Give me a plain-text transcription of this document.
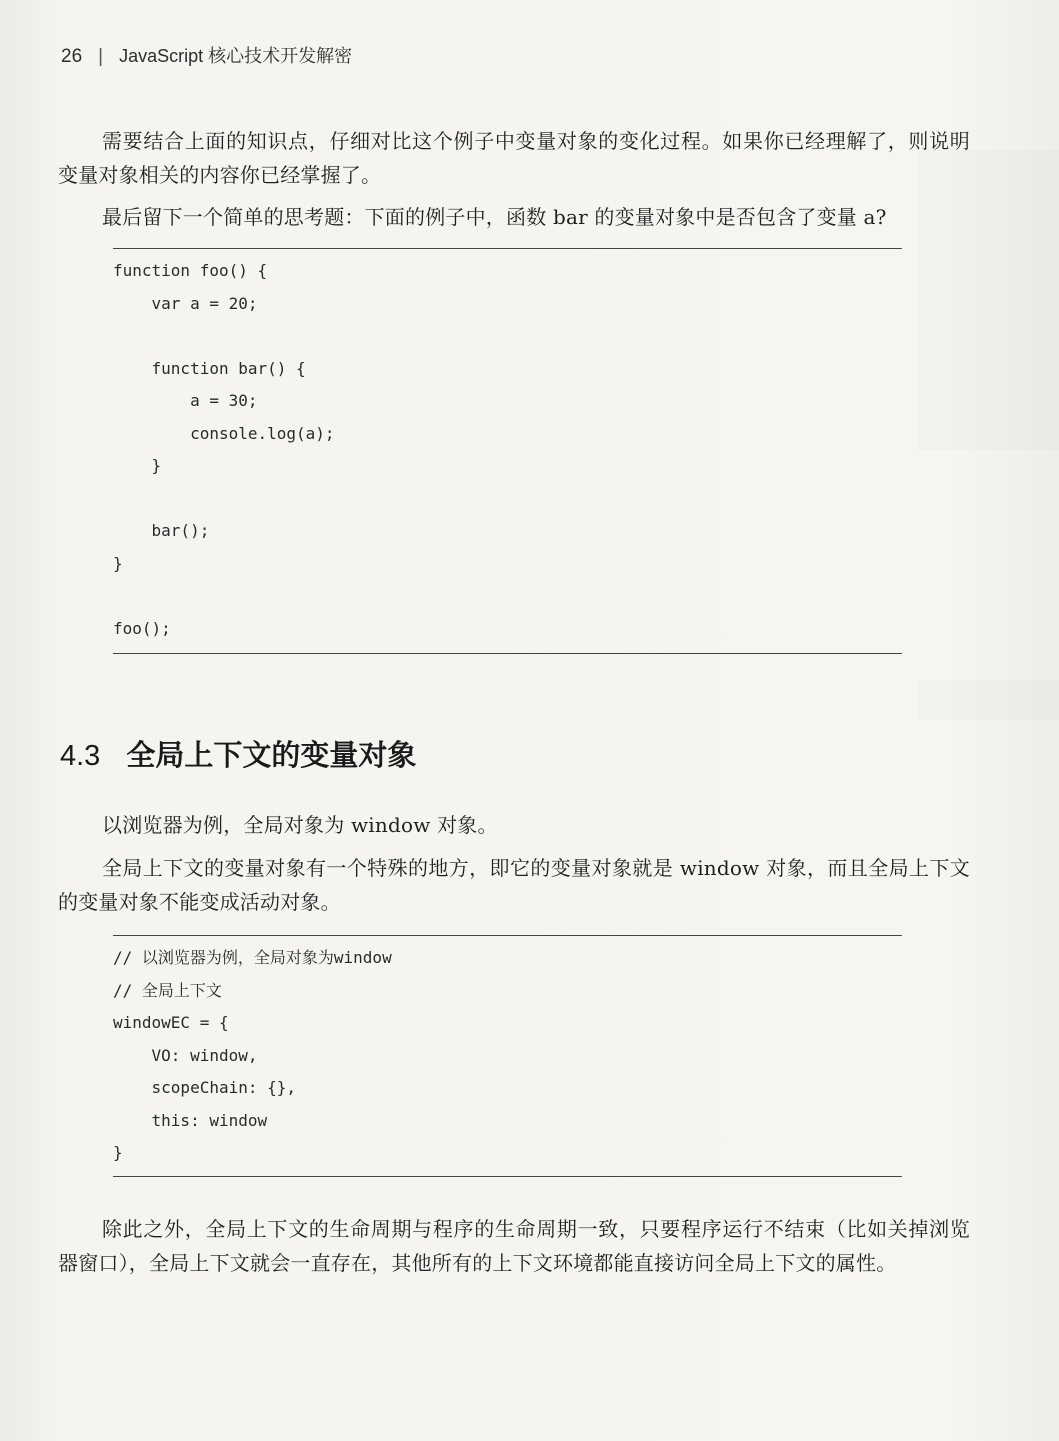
26 | JavaScript 核心技术开发解密

需要结合上面的知识点，仔细对比这个例子中变量对象的变化过程。如果你已经理解了，则说明变量对象相关的内容你已经掌握了。

最后留下一个简单的思考题：下面的例子中，函数 bar 的变量对象中是否包含了变量 a?

function foo() {
var a = 20;
function bar() {
a = 30;
console.log(a);
}
bar();
}
foo();
4.3 全局上下文的变量对象

以浏览器为例，全局对象为 window 对象。

全局上下文的变量对象有一个特殊的地方，即它的变量对象就是 window 对象，而且全局上下文的变量对象不能变成活动对象。

// 以浏览器为例，全局对象为window
// 全局上下文
windowEC = {
VO: window,
scopeChain: {},
this: window
}

除此之外，全局上下文的生命周期与程序的生命周期一致，只要程序运行不结束（比如关掉浏览器窗口），全局上下文就会一直存在，其他所有的上下文环境都能直接访问全局上下文的属性。
